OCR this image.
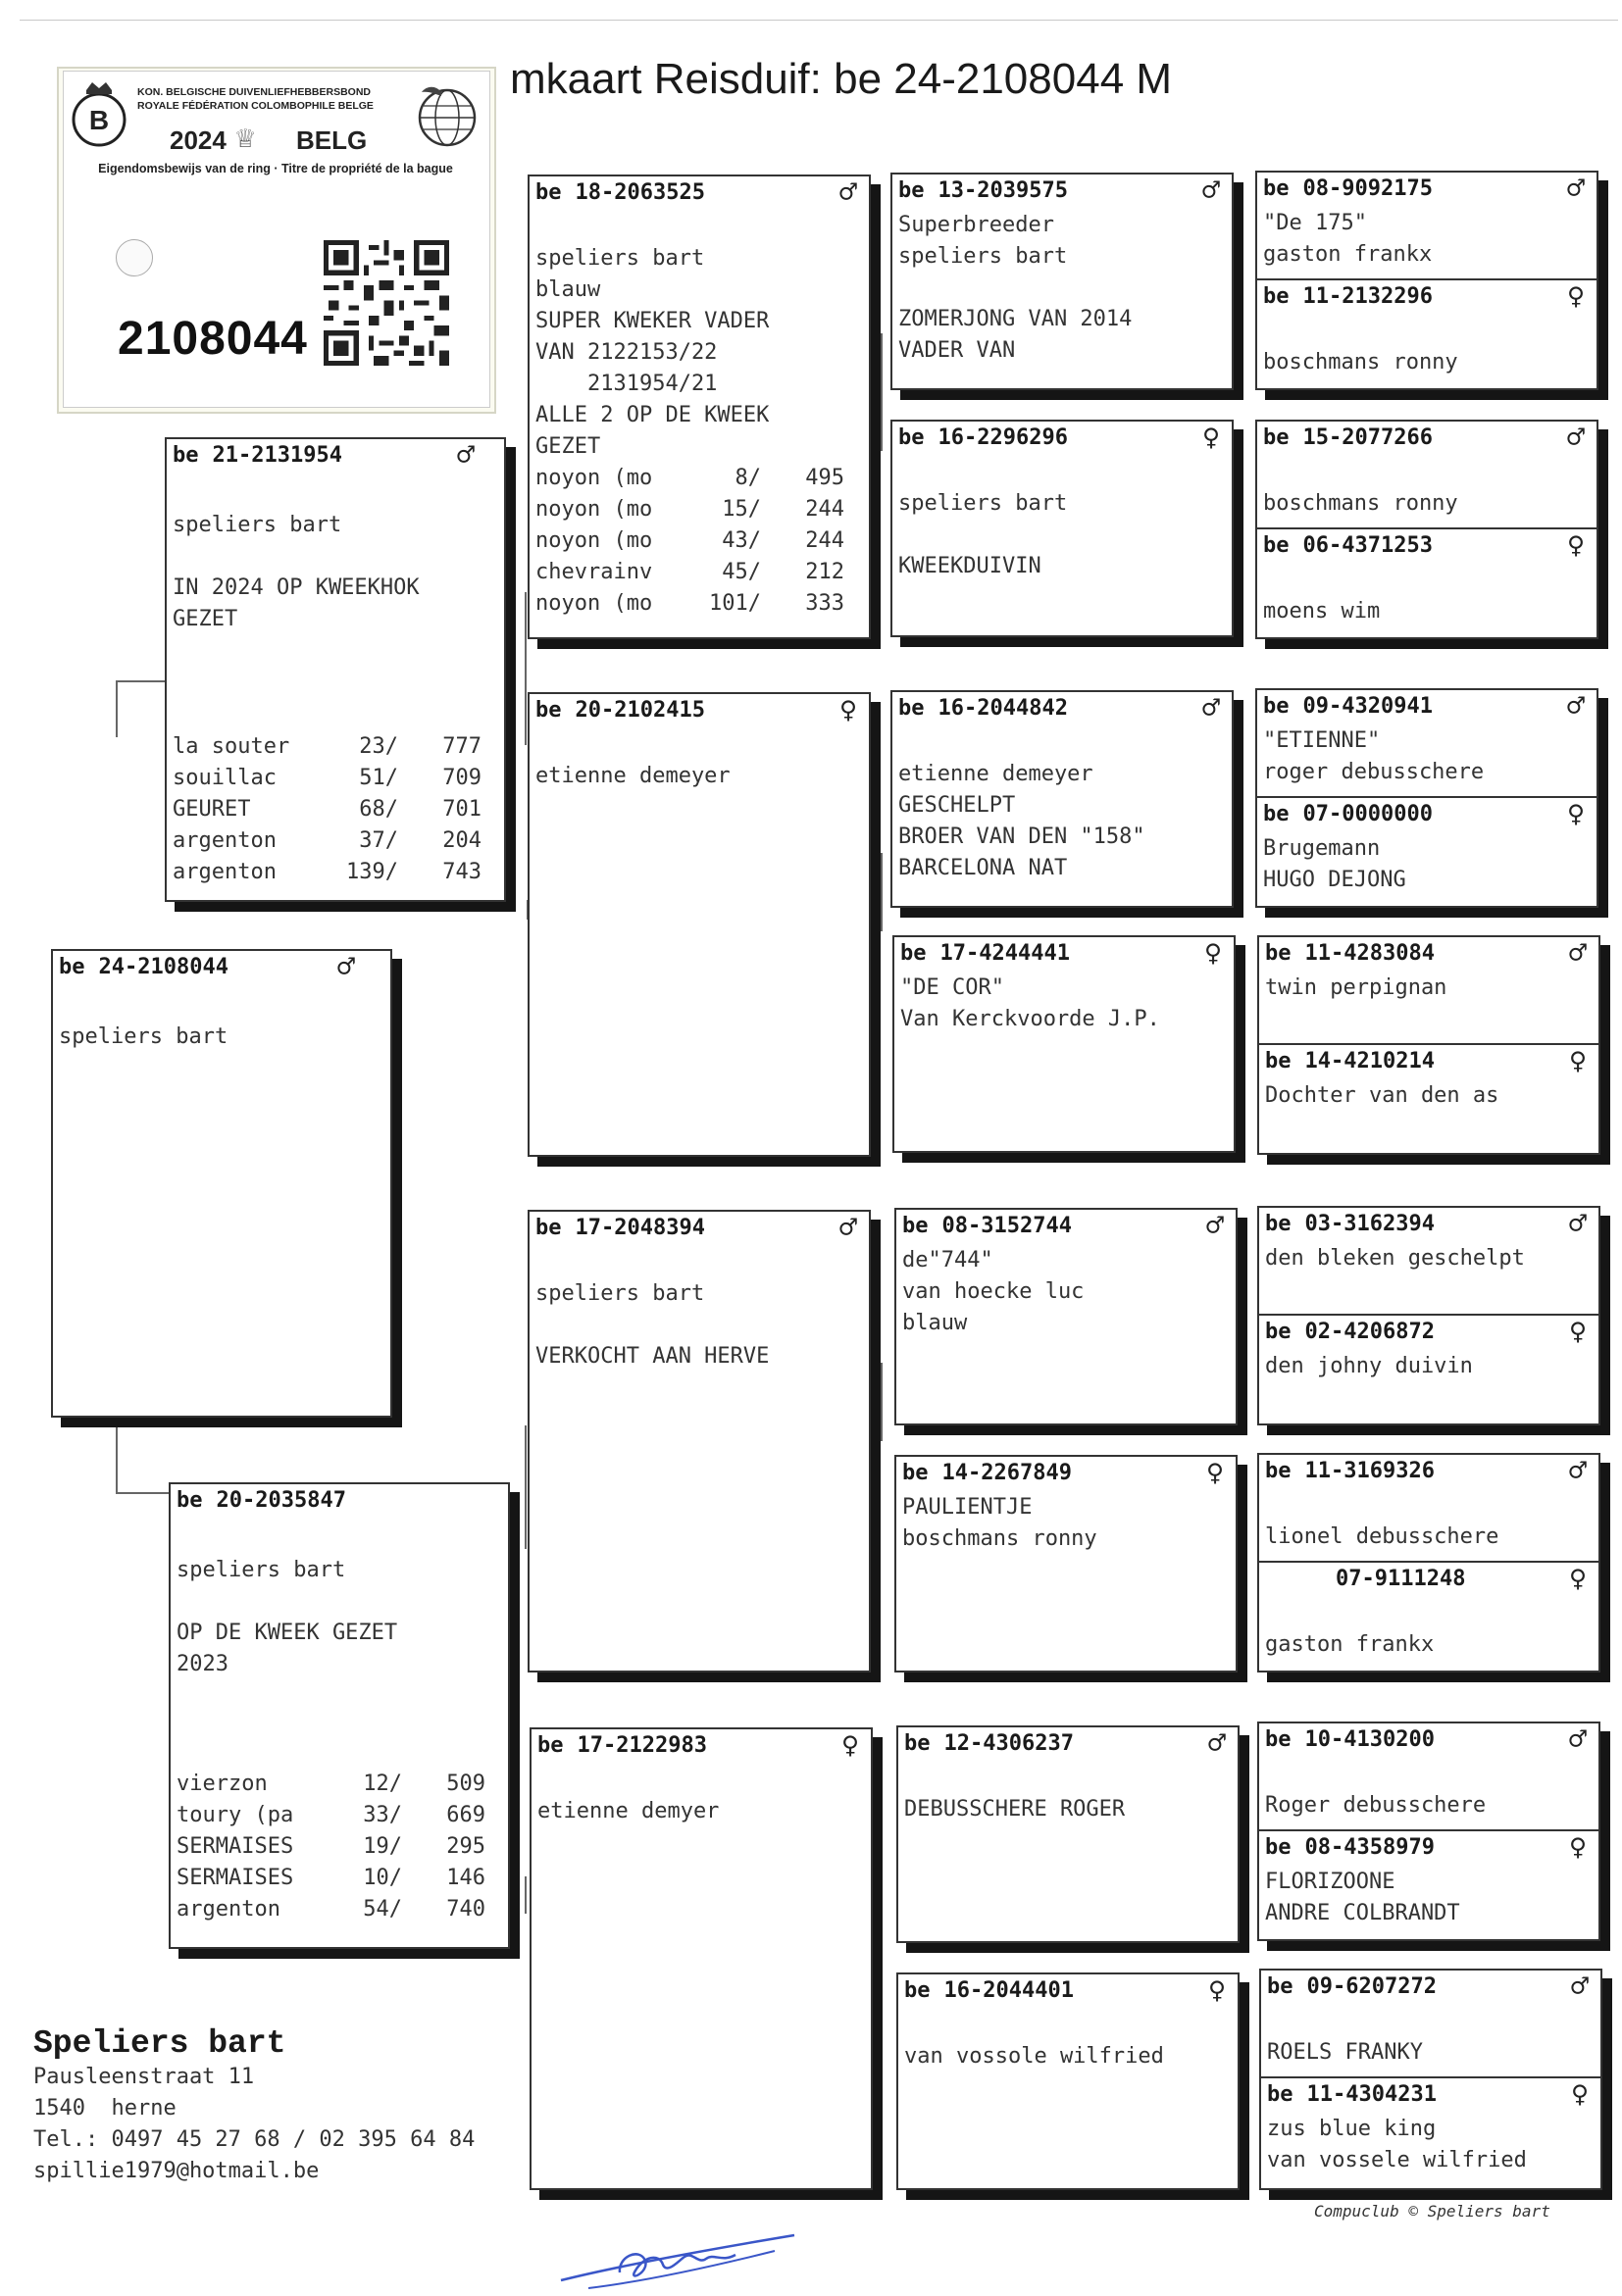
mkaart Reisduif: be 24-2108044 M
B
KON. BELGISCHE DUIVENLIEFHEBBERSBOND
ROYALE FÉDÉRATION COLOMBOPHILE BELGE
2024 ♕ BELG
Eigendomsbewijs van de ring · Titre de propriété de la bague
2108044
be 24-2108044	♂
speliers bart
be 21-2131954	♂
speliers bart
IN 2024 OP KWEEKHOK
GEZET
la souter	23/	777
souillac	51/	709
GEURET	68/	701
argenton	37/	204
argenton	139/	743
be 20-2035847
speliers bart
OP DE KWEEK GEZET
2023
vierzon	12/	509
toury (pa	33/	669
SERMAISES	19/	295
SERMAISES	10/	146
argenton	54/	740
be 18-2063525	♂
speliers bart
blauw
SUPER KWEKER VADER
VAN 2122153/22
2131954/21
ALLE 2 OP DE KWEEK
GEZET
noyon (mo	8/	495
noyon (mo	15/	244
noyon (mo	43/	244
chevrainv	45/	212
noyon (mo	101/	333
be 20-2102415	♀
etienne demeyer
be 17-2048394	♂
speliers bart
VERKOCHT AAN HERVE
be 17-2122983	♀
etienne demyer
be 13-2039575	♂
Superbreeder
speliers bart
ZOMERJONG VAN 2014
VADER VAN
be 16-2296296	♀
speliers bart
KWEEKDUIVIN
be 16-2044842	♂
etienne demeyer
GESCHELPT
BROER VAN DEN "158"
BARCELONA NAT
be 17-4244441	♀
"DE COR"
Van Kerckvoorde J.P.
be 08-3152744	♂
de"744"
van hoecke luc
blauw
be 14-2267849	♀
PAULIENTJE
boschmans ronny
be 12-4306237	♂
DEBUSSCHERE ROGER
be 16-2044401	♀
van vossole wilfried
be 08-9092175	♂
"De 175"
gaston frankx
be 11-2132296	♀
boschmans ronny
be 15-2077266	♂
boschmans ronny
be 06-4371253	♀
moens wim
be 09-4320941	♂
"ETIENNE"
roger debusschere
be 07-0000000	♀
Brugemann
HUGO DEJONG
be 11-4283084	♂
twin perpignan
be 14-4210214	♀
Dochter van den as
be 03-3162394	♂
den bleken geschelpt
be 02-4206872	♀
den johny duivin
be 11-3169326	♂
lionel debusschere
07-9111248	♀
gaston frankx
be 10-4130200	♂
Roger debusschere
be 08-4358979	♀
FLORIZOONE
ANDRE COLBRANDT
be 09-6207272	♂
ROELS FRANKY
be 11-4304231	♀
zus blue king
van vossele wilfried
Speliers bart
Pausleenstraat 11
1540  herne
Tel.: 0497 45 27 68 / 02 395 64 84
spillie1979@hotmail.be
Compuclub © Speliers bart
